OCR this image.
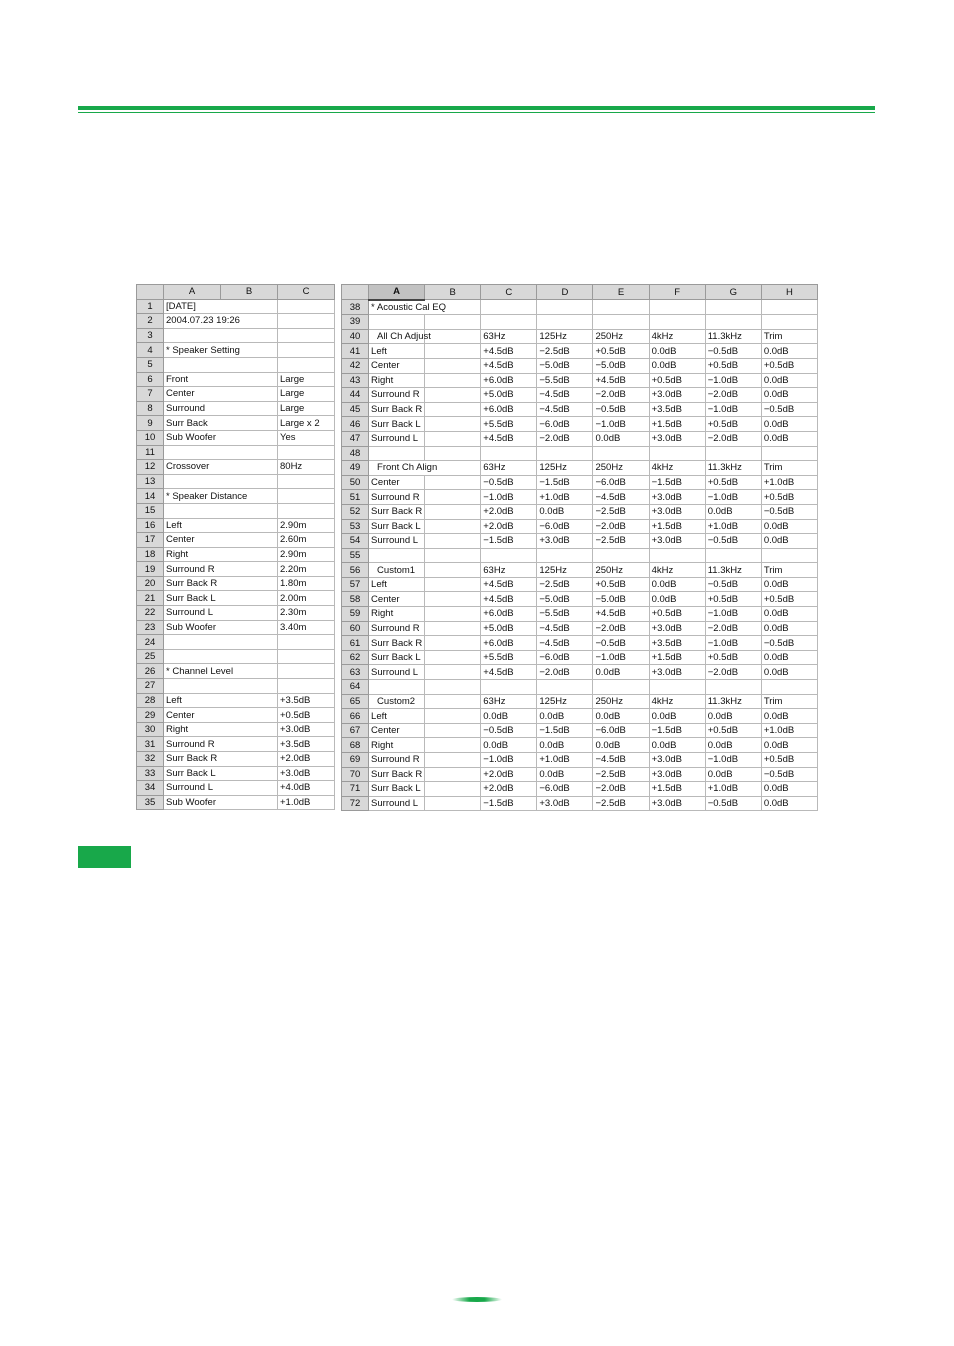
	A	B	C
1	[DATE]		
2	2004.07.23 19:26		
3			
4	* Speaker Setting		
5			
6	Front		Large
7	Center		Large
8	Surround		Large
9	Surr Back		Large x 2
10	Sub Woofer		Yes
11			
12	Crossover		80Hz
13			
14	* Speaker Distance		
15			
16	Left		2.90m
17	Center		2.60m
18	Right		2.90m
19	Surround R		2.20m
20	Surr Back R		1.80m
21	Surr Back L		2.00m
22	Surround L		2.30m
23	Sub Woofer		3.40m
24			
25			
26	* Channel Level		
27			
28	Left		+3.5dB
29	Center		+0.5dB
30	Right		+3.0dB
31	Surround R		+3.5dB
32	Surr Back R		+2.0dB
33	Surr Back L		+3.0dB
34	Surround L		+4.0dB
35	Sub Woofer		+1.0dB
	A	B	C	D	E	F	G	H
38	* Acoustic Cal EQ							
39								
40	All Ch Adjust		63Hz	125Hz	250Hz	4kHz	11.3kHz	Trim
41	Left		+4.5dB	−2.5dB	+0.5dB	0.0dB	−0.5dB	0.0dB
42	Center		+4.5dB	−5.0dB	−5.0dB	0.0dB	+0.5dB	+0.5dB
43	Right		+6.0dB	−5.5dB	+4.5dB	+0.5dB	−1.0dB	0.0dB
44	Surround R		+5.0dB	−4.5dB	−2.0dB	+3.0dB	−2.0dB	0.0dB
45	Surr Back R		+6.0dB	−4.5dB	−0.5dB	+3.5dB	−1.0dB	−0.5dB
46	Surr Back L		+5.5dB	−6.0dB	−1.0dB	+1.5dB	+0.5dB	0.0dB
47	Surround L		+4.5dB	−2.0dB	0.0dB	+3.0dB	−2.0dB	0.0dB
48								
49	Front Ch Align		63Hz	125Hz	250Hz	4kHz	11.3kHz	Trim
50	Center		−0.5dB	−1.5dB	−6.0dB	−1.5dB	+0.5dB	+1.0dB
51	Surround R		−1.0dB	+1.0dB	−4.5dB	+3.0dB	−1.0dB	+0.5dB
52	Surr Back R		+2.0dB	0.0dB	−2.5dB	+3.0dB	0.0dB	−0.5dB
53	Surr Back L		+2.0dB	−6.0dB	−2.0dB	+1.5dB	+1.0dB	0.0dB
54	Surround L		−1.5dB	+3.0dB	−2.5dB	+3.0dB	−0.5dB	0.0dB
55								
56	Custom1		63Hz	125Hz	250Hz	4kHz	11.3kHz	Trim
57	Left		+4.5dB	−2.5dB	+0.5dB	0.0dB	−0.5dB	0.0dB
58	Center		+4.5dB	−5.0dB	−5.0dB	0.0dB	+0.5dB	+0.5dB
59	Right		+6.0dB	−5.5dB	+4.5dB	+0.5dB	−1.0dB	0.0dB
60	Surround R		+5.0dB	−4.5dB	−2.0dB	+3.0dB	−2.0dB	0.0dB
61	Surr Back R		+6.0dB	−4.5dB	−0.5dB	+3.5dB	−1.0dB	−0.5dB
62	Surr Back L		+5.5dB	−6.0dB	−1.0dB	+1.5dB	+0.5dB	0.0dB
63	Surround L		+4.5dB	−2.0dB	0.0dB	+3.0dB	−2.0dB	0.0dB
64								
65	Custom2		63Hz	125Hz	250Hz	4kHz	11.3kHz	Trim
66	Left		0.0dB	0.0dB	0.0dB	0.0dB	0.0dB	0.0dB
67	Center		−0.5dB	−1.5dB	−6.0dB	−1.5dB	+0.5dB	+1.0dB
68	Right		0.0dB	0.0dB	0.0dB	0.0dB	0.0dB	0.0dB
69	Surround R		−1.0dB	+1.0dB	−4.5dB	+3.0dB	−1.0dB	+0.5dB
70	Surr Back R		+2.0dB	0.0dB	−2.5dB	+3.0dB	0.0dB	−0.5dB
71	Surr Back L		+2.0dB	−6.0dB	−2.0dB	+1.5dB	+1.0dB	0.0dB
72	Surround L		−1.5dB	+3.0dB	−2.5dB	+3.0dB	−0.5dB	0.0dB
